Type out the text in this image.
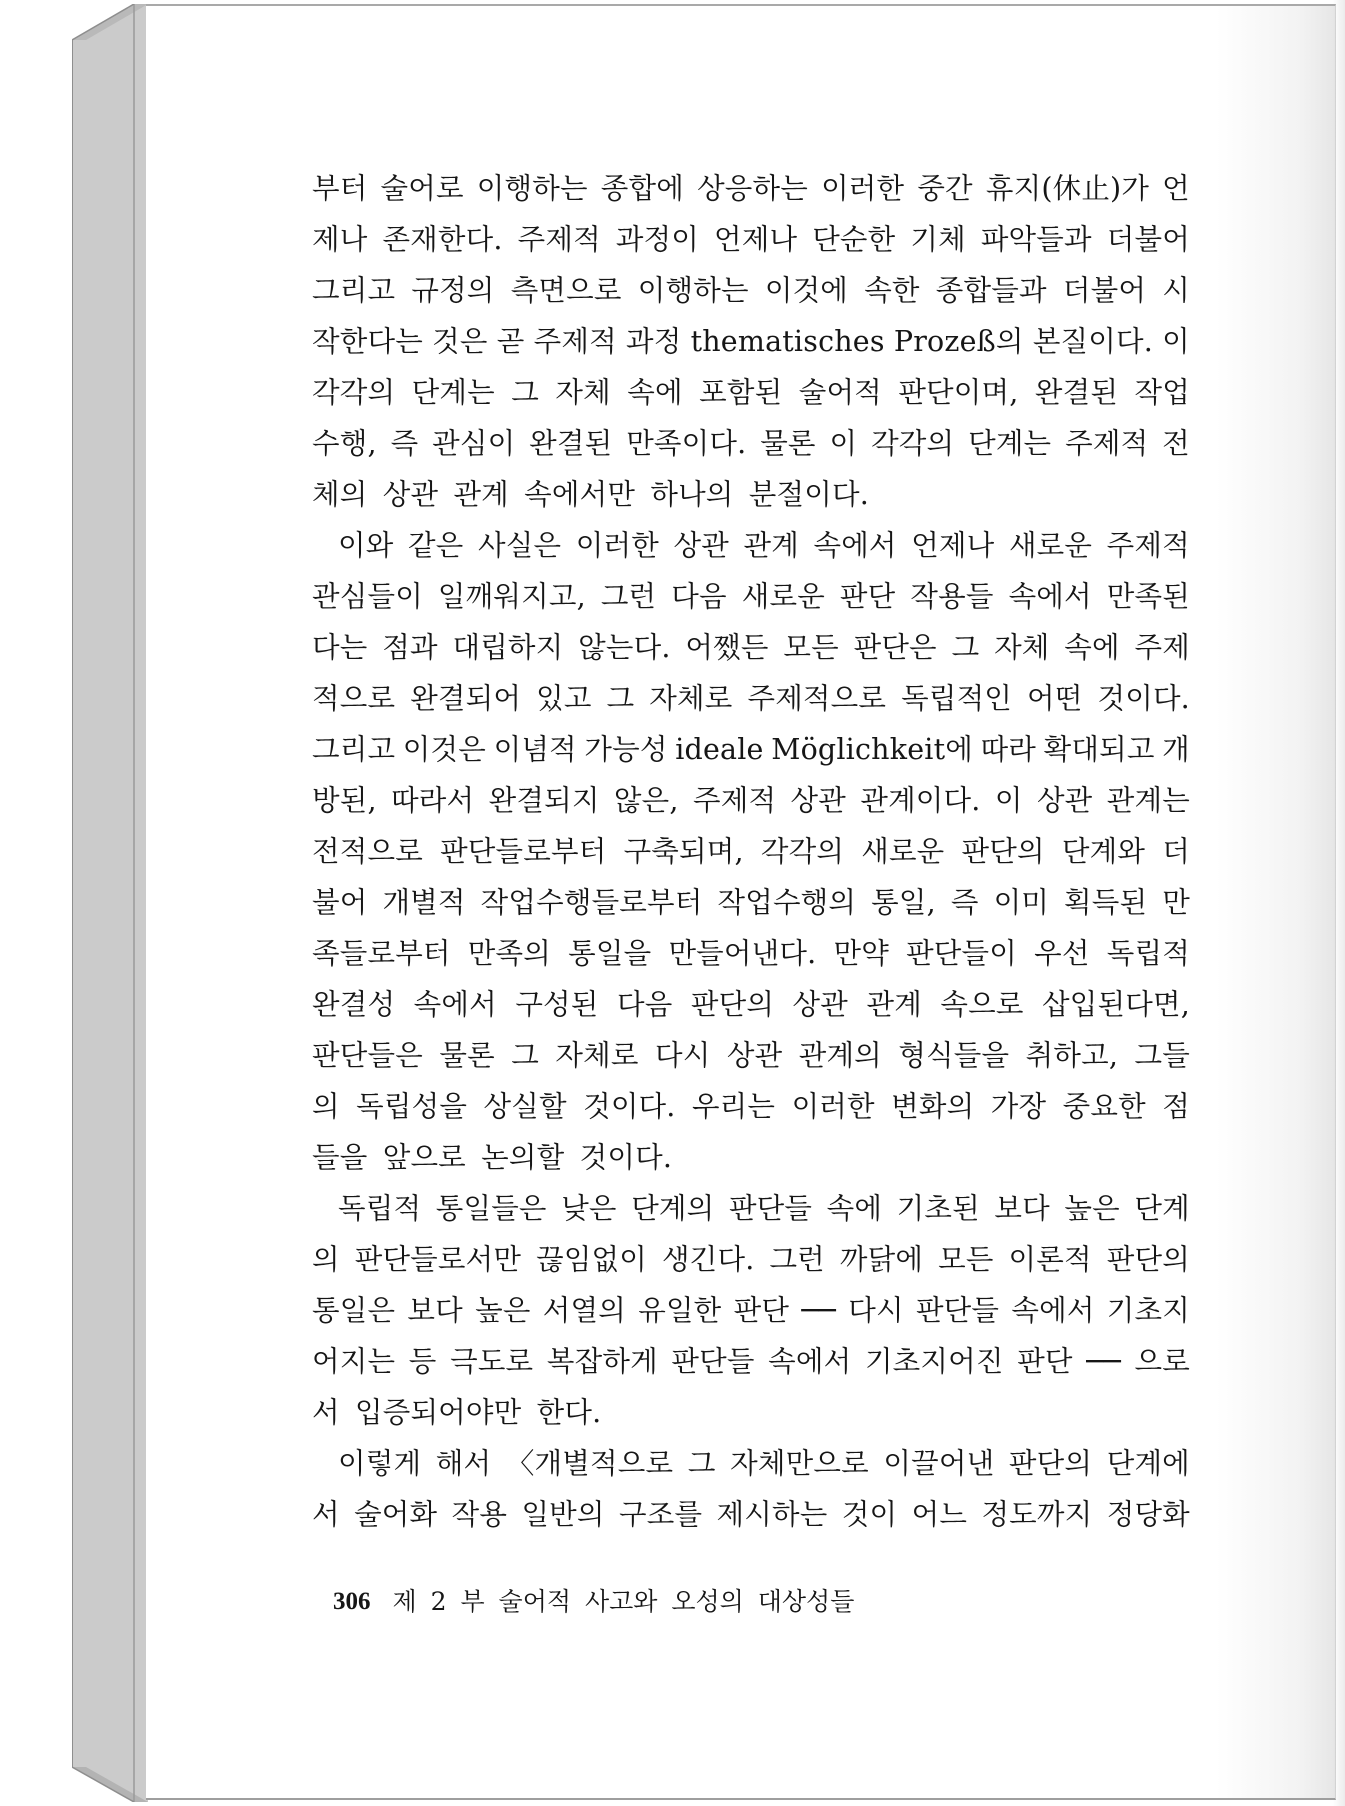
부터 술어로 이행하는 종합에 상응하는 이러한 중간 휴지(休止)가 언
제나 존재한다. 주제적 과정이 언제나 단순한 기체 파악들과 더불어
그리고 규정의 측면으로 이행하는 이것에 속한 종합들과 더불어 시
작한다는 것은 곧 주제적 과정 thematisches Prozeß의 본질이다. 이
각각의 단계는 그 자체 속에 포함된 술어적 판단이며, 완결된 작업
수행, 즉 관심이 완결된 만족이다. 물론 이 각각의 단계는 주제적 전
체의 상관 관계 속에서만 하나의 분절이다.
이와 같은 사실은 이러한 상관 관계 속에서 언제나 새로운 주제적
관심들이 일깨워지고, 그런 다음 새로운 판단 작용들 속에서 만족된
다는 점과 대립하지 않는다. 어쨌든 모든 판단은 그 자체 속에 주제
적으로 완결되어 있고 그 자체로 주제적으로 독립적인 어떤 것이다.
그리고 이것은 이념적 가능성 ideale Möglichkeit에 따라 확대되고 개
방된, 따라서 완결되지 않은, 주제적 상관 관계이다. 이 상관 관계는
전적으로 판단들로부터 구축되며, 각각의 새로운 판단의 단계와 더
불어 개별적 작업수행들로부터 작업수행의 통일, 즉 이미 획득된 만
족들로부터 만족의 통일을 만들어낸다. 만약 판단들이 우선 독립적
완결성 속에서 구성된 다음 판단의 상관 관계 속으로 삽입된다면,
판단들은 물론 그 자체로 다시 상관 관계의 형식들을 취하고, 그들
의 독립성을 상실할 것이다. 우리는 이러한 변화의 가장 중요한 점
들을 앞으로 논의할 것이다.
독립적 통일들은 낮은 단계의 판단들 속에 기초된 보다 높은 단계
의 판단들로서만 끊임없이 생긴다. 그런 까닭에 모든 이론적 판단의
통일은 보다 높은 서열의 유일한 판단 ── 다시 판단들 속에서 기초지
어지는 등 극도로 복잡하게 판단들 속에서 기초지어진 판단 ── 으로
서 입증되어야만 한다.
이렇게 해서 〈개별적으로 그 자체만으로 이끌어낸 판단의 단계에
서 술어화 작용 일반의 구조를 제시하는 것이 어느 정도까지 정당화
306 제 2 부 술어적 사고와 오성의 대상성들
